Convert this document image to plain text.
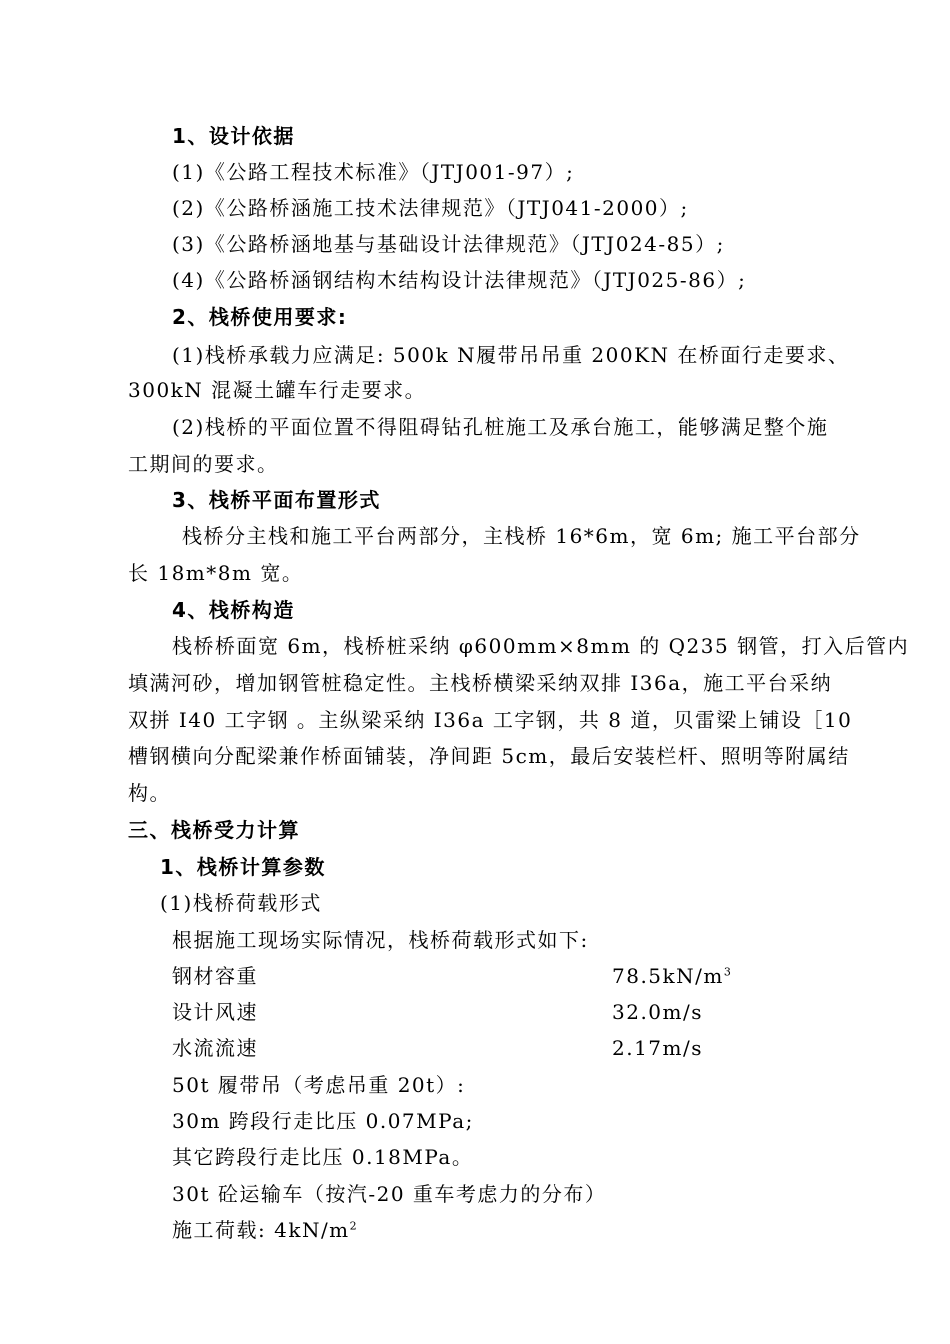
1、设计依据
(1)《公路工程技术标准》（JTJ001-97）;
(2)《公路桥涵施工技术法律规范》（JTJ041-2000）;
(3)《公路桥涵地基与基础设计法律规范》（JTJ024-85）;
(4)《公路桥涵钢结构木结构设计法律规范》（JTJ025-86）;
2、栈桥使用要求:
(1)栈桥承载力应满足: 500k N履带吊吊重 200KN 在桥面行走要求、
300kN 混凝土罐车行走要求。
(2)栈桥的平面位置不得阻碍钻孔桩施工及承台施工，能够满足整个施
工期间的要求。
3、栈桥平面布置形式
栈桥分主栈和施工平台两部分，主栈桥 16*6m，宽 6m; 施工平台部分
长 18m*8m 宽。
4、栈桥构造
栈桥桥面宽 6m，栈桥桩采纳 φ600mm×8mm 的 Q235 钢管，打入后管内
填满河砂，增加钢管桩稳定性。主栈桥横梁采纳双排 I36a，施工平台采纳
双拼 I40 工字钢 。主纵梁采纳 I36a 工字钢，共 8 道，贝雷梁上铺设［10
槽钢横向分配梁兼作桥面铺装，净间距 5cm，最后安装栏杆、照明等附属结
构。
三、栈桥受力计算
1、栈桥计算参数
(1)栈桥荷载形式
根据施工现场实际情况，栈桥荷载形式如下:
钢材容重	$78.5kN/m^3$
设计风速	32.0m/s
水流流速	2.17m/s
50t 履带吊（考虑吊重 20t）:
30m 跨段行走比压 0.07MPa;
其它跨段行走比压 0.18MPa。
30t 砼运输车（按汽-20 重车考虑力的分布）
施工荷载: $4kN/m^2$
